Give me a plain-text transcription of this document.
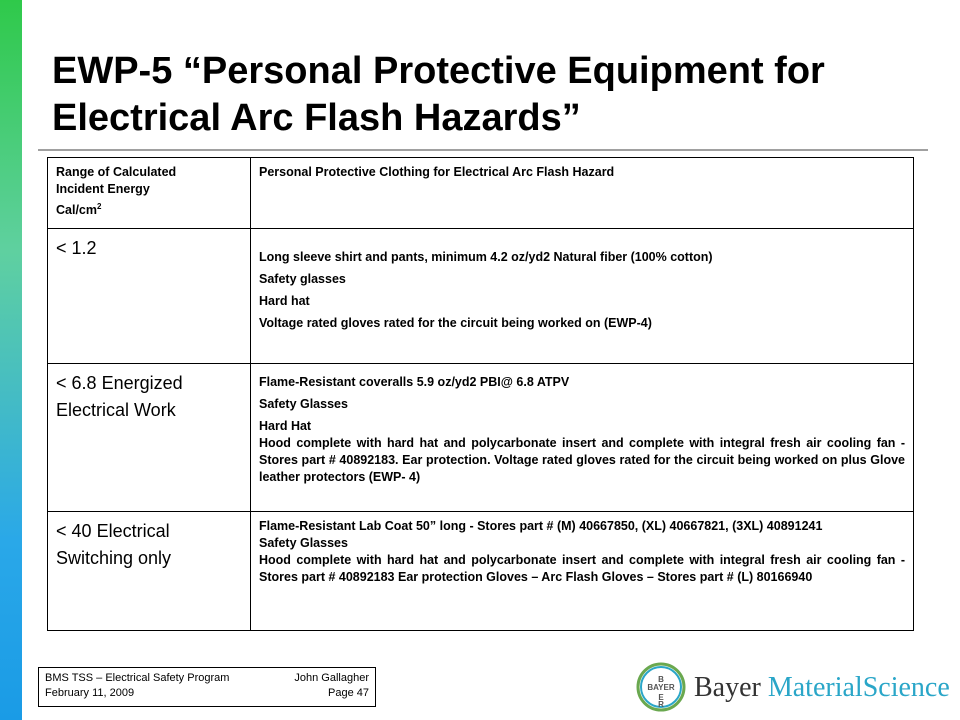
EWP-5 “Personal Protective Equipment for Electrical Arc Flash Hazards”
Range of Calculated
Incident Energy
Cal/$cm^2$	Personal Protective Clothing for Electrical Arc Flash Hazard
< 1.2	Long sleeve shirt and pants, minimum 4.2 oz/yd2 Natural fiber (100% cotton)
Safety glasses
Hard hat
Voltage rated gloves rated for the circuit being worked on (EWP-4)

< 6.8 Energized Electrical Work	Flame-Resistant coveralls 5.9 oz/yd2 PBI@ 6.8 ATPV
Safety Glasses
Hard Hat
Hood complete with hard hat and polycarbonate insert and complete with integral fresh air cooling fan - Stores part # 40892183. Ear protection. Voltage rated gloves rated for the circuit being worked on plus Glove leather protectors (EWP- 4)

< 40 Electrical Switching only	Flame-Resistant Lab Coat 50” long - Stores part # (M) 40667850, (XL) 40667821, (3XL) 40891241
Safety Glasses
Hood complete with hard hat and polycarbonate insert and complete with integral fresh air cooling fan - Stores part # 40892183 Ear protection Gloves – Arc Flash Gloves – Stores part # (L) 80166940
BMS TSS – Electrical Safety Program
February 11, 2009
John Gallagher
Page 47
B
E
R
BAYER Bayer MaterialScience
